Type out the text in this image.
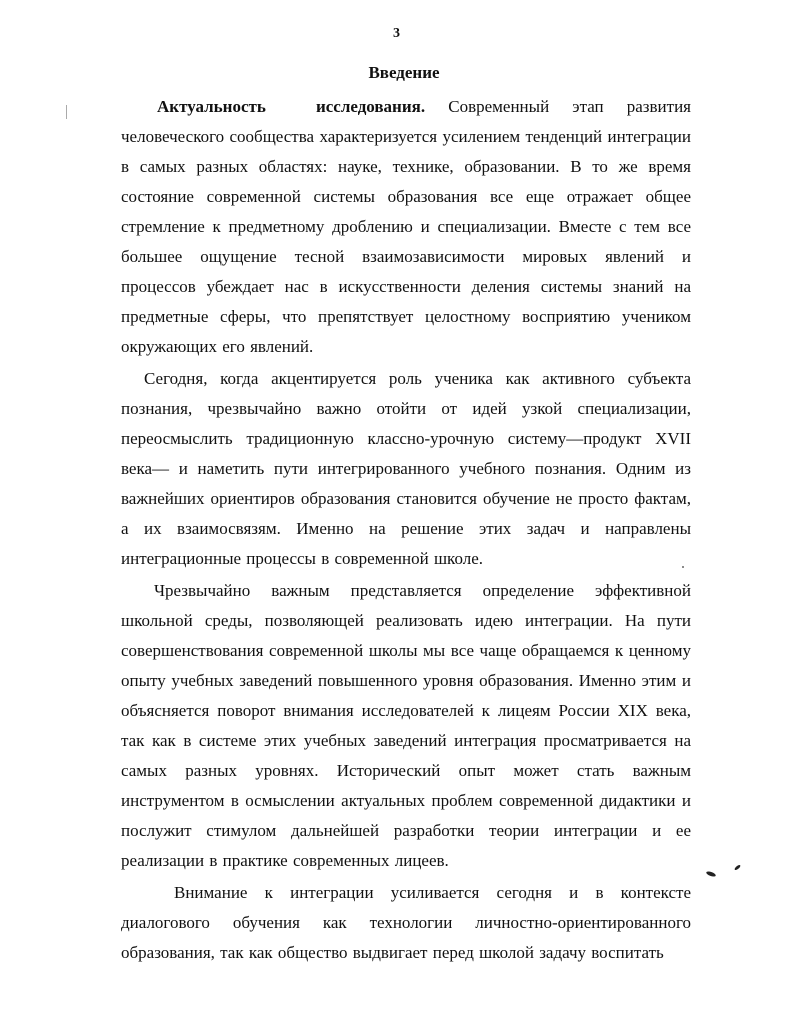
3
Введение

Актуальность исследования. Современный этап развития человеческого сообщества характеризуется усилением тенденций интеграции в самых разных областях: науке, технике, образовании. В то же время состояние современной системы образования все еще отражает общее стремление к предметному дроблению и специализации. Вместе с тем все большее ощущение тесной взаимозависимости мировых явлений и процессов убеждает нас в искусственности деления системы знаний на предметные сферы, что препятствует целостному восприятию учеником окружающих его явлений.

Сегодня, когда акцентируется роль ученика как активного субъекта познания, чрезвычайно важно отойти от идей узкой специализации, переосмыслить традиционную классно-урочную систему—продукт XVII века— и наметить пути интегрированного учебного познания. Одним из важнейших ориентиров образования становится обучение не просто фактам, а их взаимосвязям. Именно на решение этих задач и направлены интеграционные процессы в современной школе.

Чрезвычайно важным представляется определение эффективной школьной среды, позволяющей реализовать идею интеграции. На пути совершенствования современной школы мы все чаще обращаемся к ценному опыту учебных заведений повышенного уровня образования. Именно этим и объясняется поворот внимания исследователей к лицеям России XIX века, так как в системе этих учебных заведений интеграция просматривается на самых разных уровнях. Исторический опыт может стать важным инструментом в осмыслении актуальных проблем современной дидактики и послужит стимулом дальнейшей разработки теории интеграции и ее реализации в практике современных лицеев.

Внимание к интеграции усиливается сегодня и в контексте диалогового обучения как технологии личностно-ориентированного образования, так как общество выдвигает перед школой задачу воспитать
